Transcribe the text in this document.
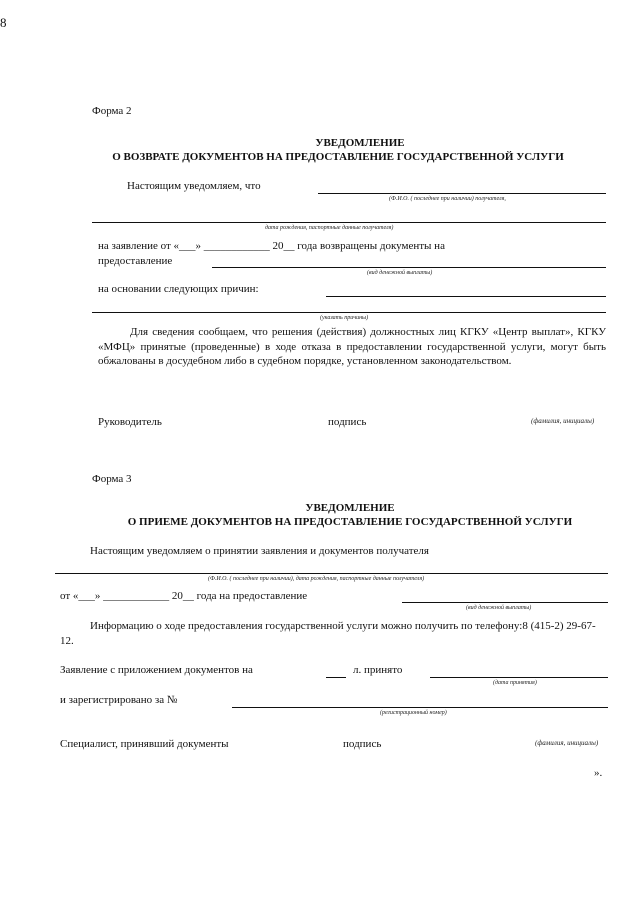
8
Форма 2
УВЕДОМЛЕНИЕ
О ВОЗВРАТЕ ДОКУМЕНТОВ НА ПРЕДОСТАВЛЕНИЕ ГОСУДАРСТВЕННОЙ УСЛУГИ
Настоящим уведомляем, что
(Ф.И.О. ( последнее при наличии) получателя,
дата рождения, паспортные данные получателя)
на заявление от «___» ____________ 20__ года возвращены документы на
предоставление
(вид денежной выплаты)
на основании следующих причин:
(указать причины)
Для сведения сообщаем, что решения (действия) должностных лиц КГКУ «Центр выплат», КГКУ «МФЦ» принятые (проведенные) в ходе отказа в предоставлении государственной услуги, могут быть обжалованы в досудебном либо в судебном порядке, установленном законодательством.
Руководитель	подпись	(фамилия, инициалы)
Форма 3
УВЕДОМЛЕНИЕ
О ПРИЕМЕ ДОКУМЕНТОВ НА ПРЕДОСТАВЛЕНИЕ ГОСУДАРСТВЕННОЙ УСЛУГИ
Настоящим уведомляем о принятии заявления и документов получателя
(Ф.И.О. ( последнее при наличии), дата рождения, паспортные данные получателя)
от «___» ____________ 20__ года на предоставление
(вид денежной выплаты)
Информацию о ходе предоставления государственной услуги можно получить по телефону:8 (415-2) 29-67-12.
Заявление с приложением документов на	л. принято
(дата принятия)
и зарегистрировано за №
(регистрационный номер)
Специалист, принявший документы	подпись	(фамилия, инициалы)
».
